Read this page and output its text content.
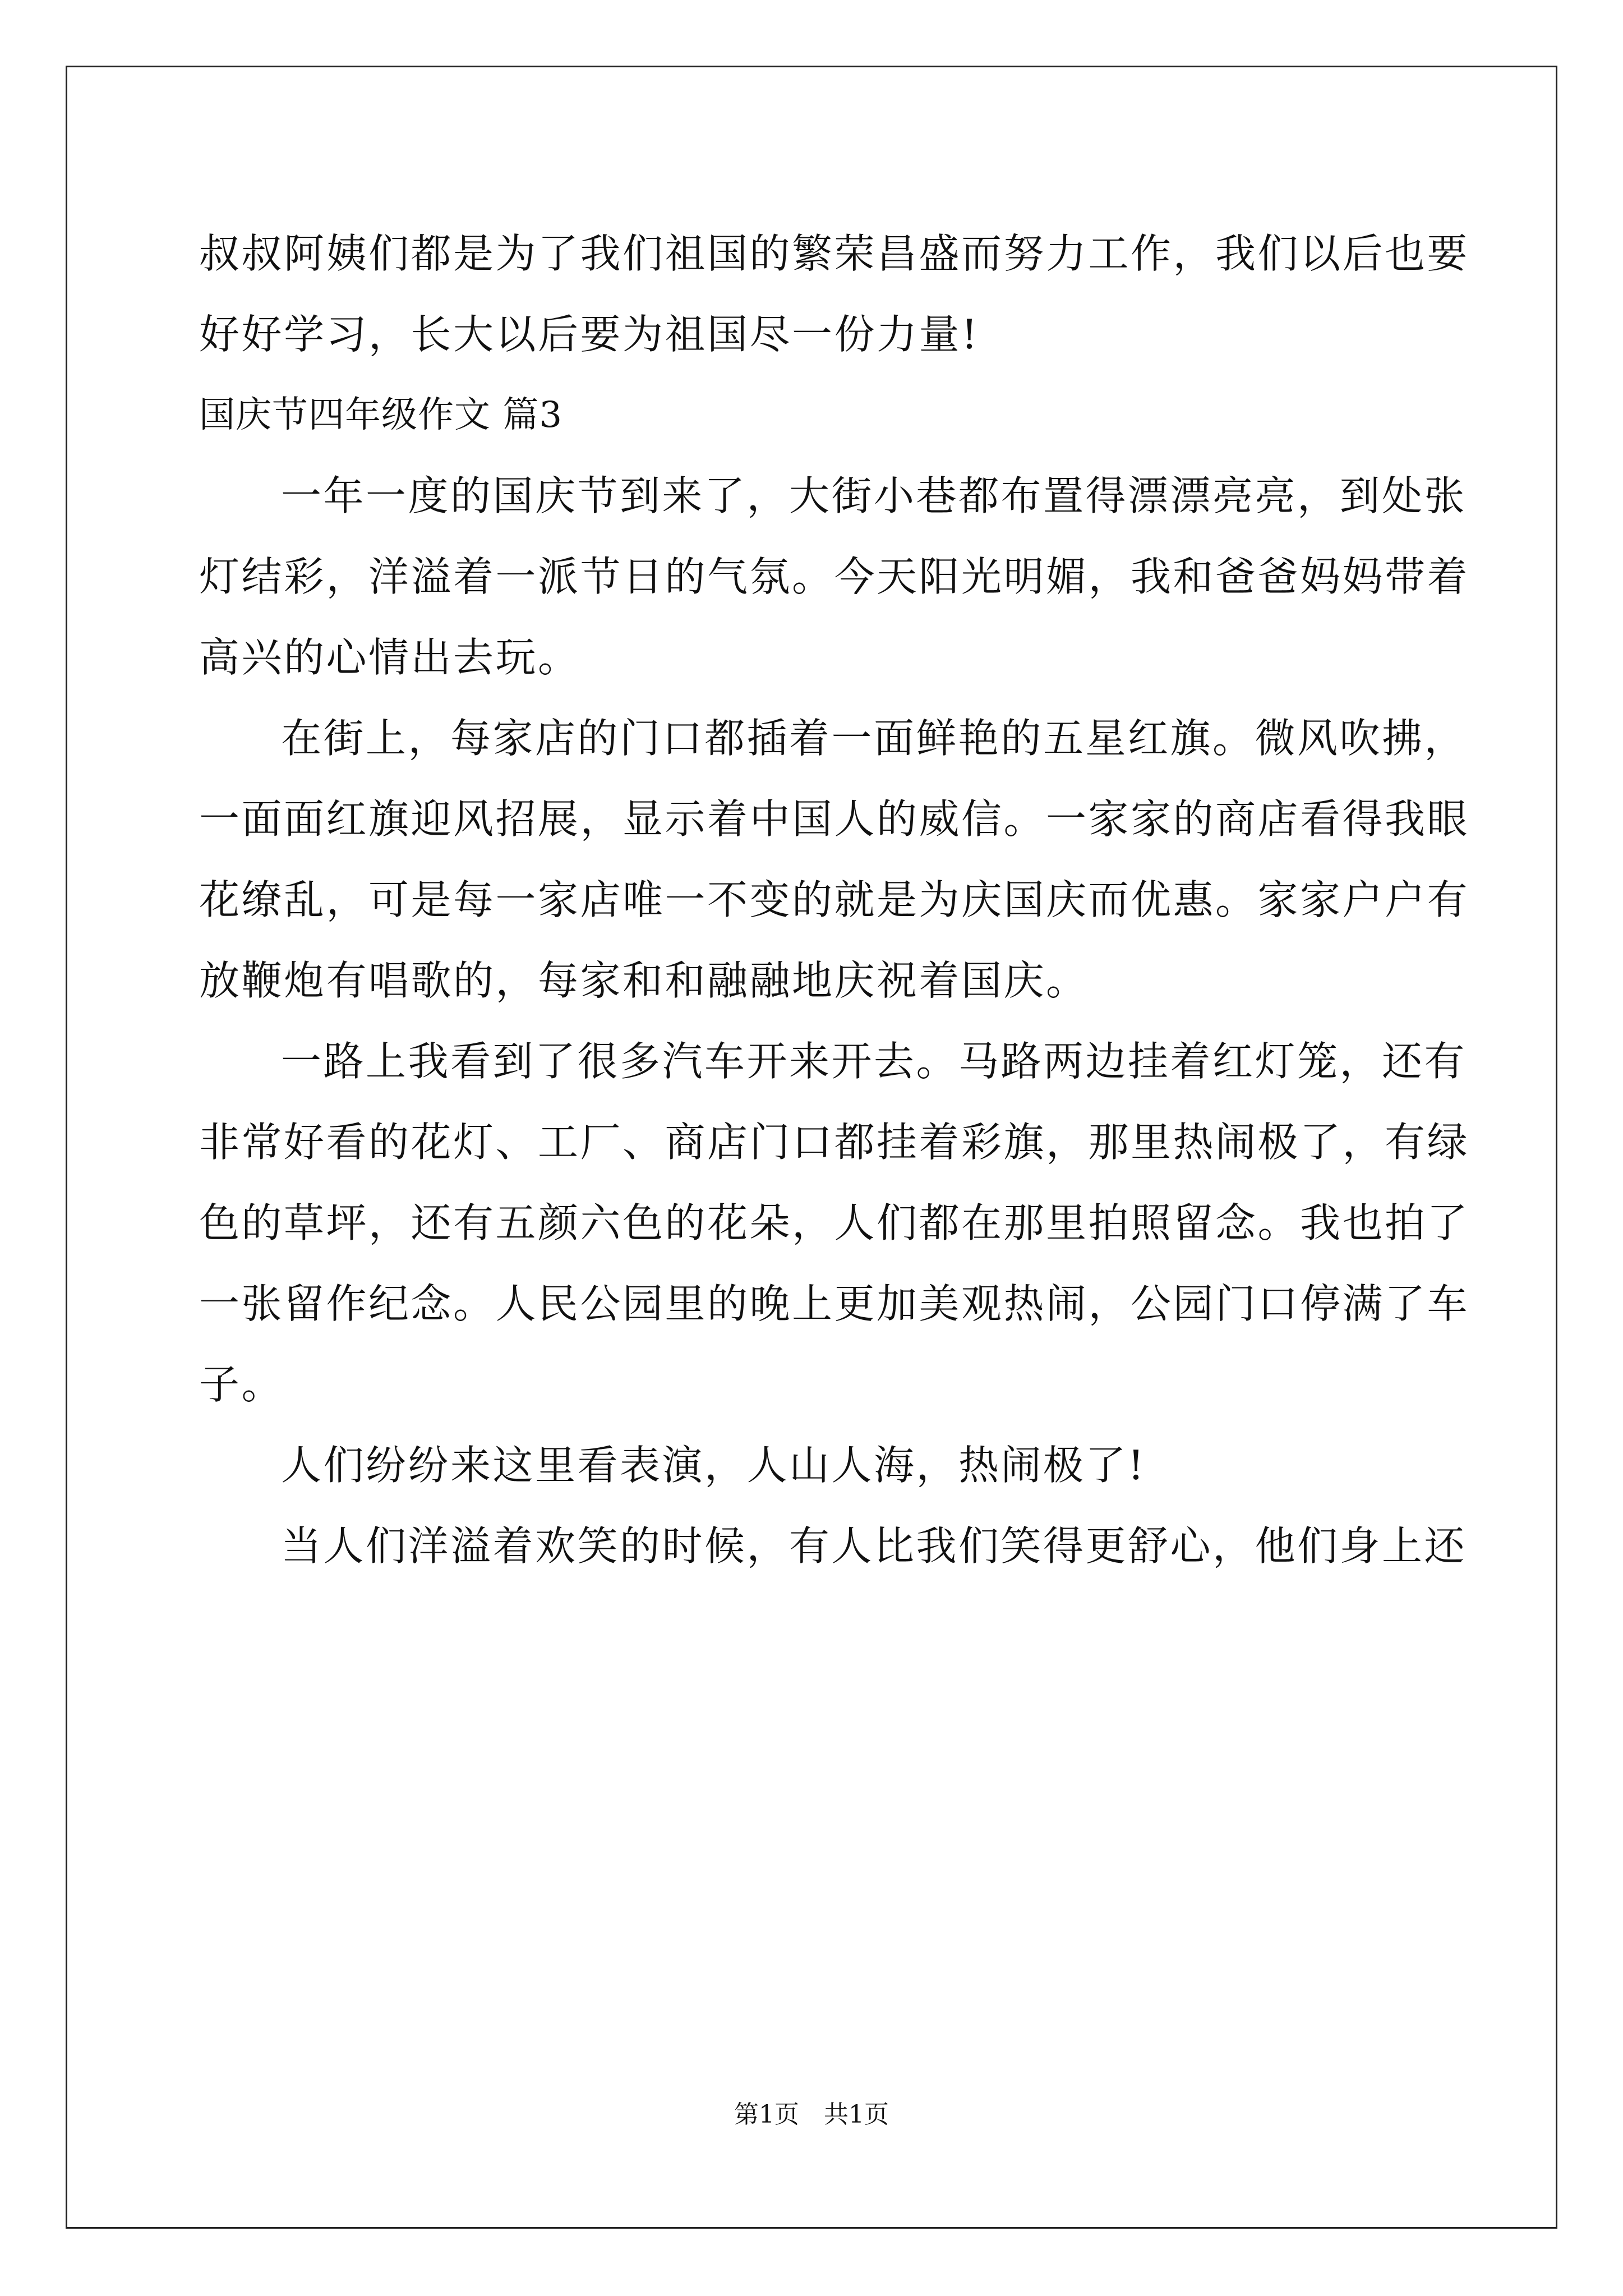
叔叔阿姨们都是为了我们祖国的繁荣昌盛而努力工作，我们以后也要
好好学习，长大以后要为祖国尽一份力量!
国庆节四年级作文 篇3
一年一度的国庆节到来了，大街小巷都布置得漂漂亮亮，到处张
灯结彩，洋溢着一派节日的气氛。今天阳光明媚，我和爸爸妈妈带着
高兴的心情出去玩。
在街上，每家店的门口都插着一面鲜艳的五星红旗。微风吹拂，
一面面红旗迎风招展，显示着中国人的威信。一家家的商店看得我眼
花缭乱，可是每一家店唯一不变的就是为庆国庆而优惠。家家户户有
放鞭炮有唱歌的，每家和和融融地庆祝着国庆。
一路上我看到了很多汽车开来开去。马路两边挂着红灯笼，还有
非常好看的花灯、工厂、商店门口都挂着彩旗，那里热闹极了，有绿
色的草坪，还有五颜六色的花朵，人们都在那里拍照留念。我也拍了
一张留作纪念。人民公园里的晚上更加美观热闹，公园门口停满了车
子。
人们纷纷来这里看表演，人山人海，热闹极了!
当人们洋溢着欢笑的时候，有人比我们笑得更舒心，他们身上还
第1页　共1页
